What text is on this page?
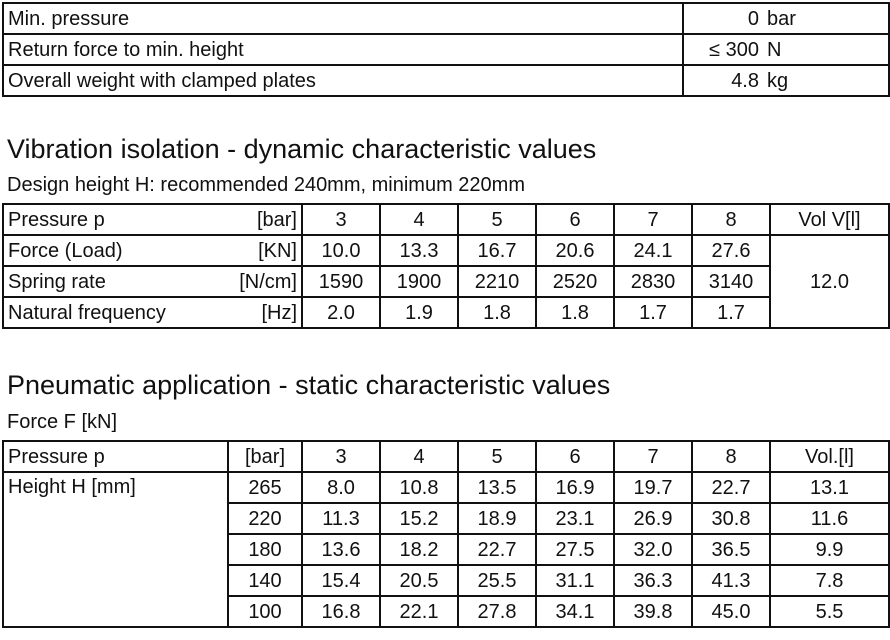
Min. pressure	0	bar
Return force to min. height	≤ 300	N
Overall weight with clamped plates	4.8	kg
Vibration isolation - dynamic characteristic values
Design height H: recommended 240mm, minimum 220mm
Pressure p	[bar]	3	4	5	6	7	8	Vol V[l]
Force (Load)	[KN]	10.0	13.3	16.7	20.6	24.1	27.6	12.0
Spring rate	[N/cm]	1590	1900	2210	2520	2830	3140	
Natural frequency	[Hz]	2.0	1.9	1.8	1.8	1.7	1.7	
Pneumatic application - static characteristic values
Force F [kN]
Pressure p	[bar]	3	4	5	6	7	8	Vol.[l]
Height H [mm]	265	8.0	10.8	13.5	16.9	19.7	22.7	13.1
	220	11.3	15.2	18.9	23.1	26.9	30.8	11.6
	180	13.6	18.2	22.7	27.5	32.0	36.5	9.9
	140	15.4	20.5	25.5	31.1	36.3	41.3	7.8
	100	16.8	22.1	27.8	34.1	39.8	45.0	5.5
